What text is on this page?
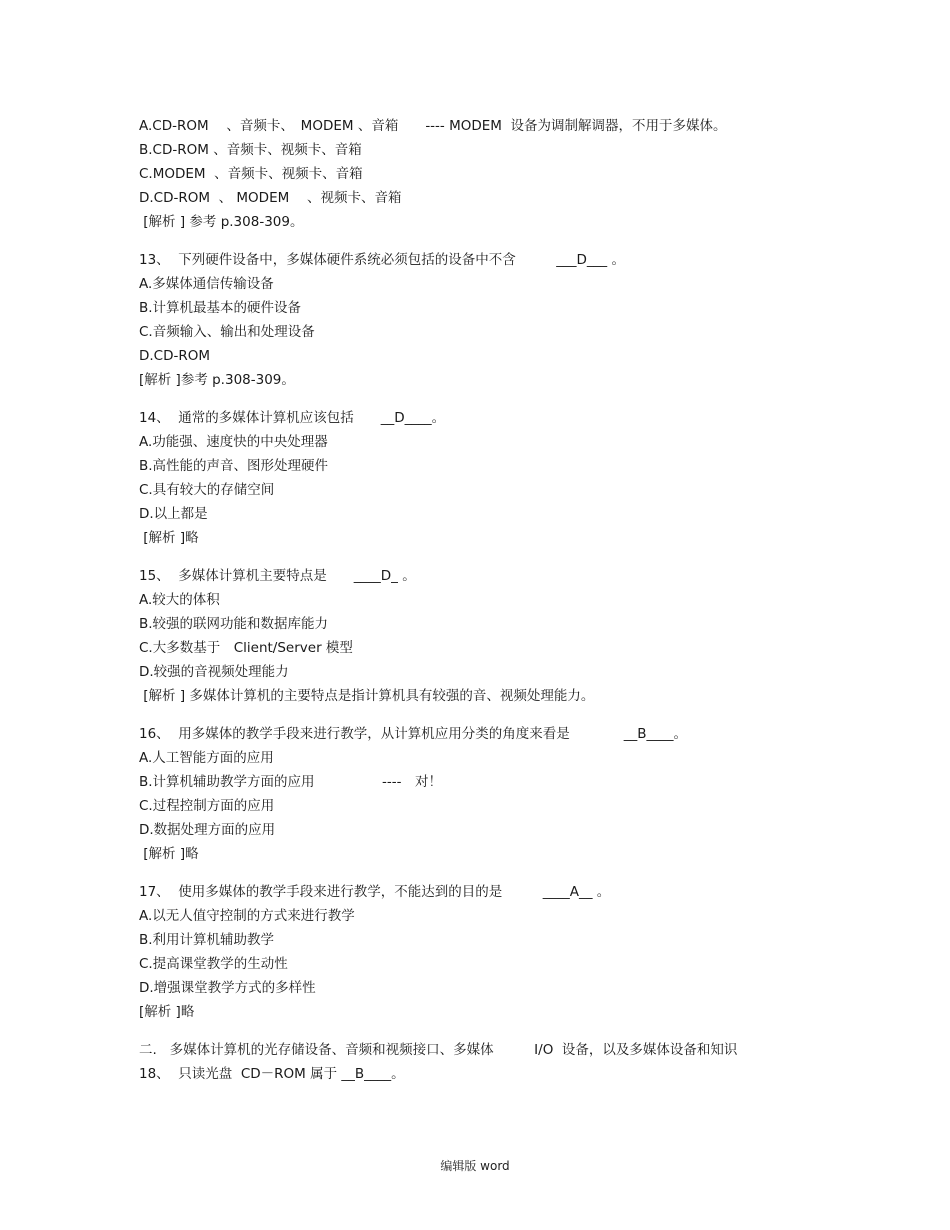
A.CD-ROM 　、音频卡、　MODEM 、音箱　　---- MODEM  设备为调制解调器，不用于多媒体。
B.CD-ROM 、音频卡、视频卡、音箱
C.MODEM  、音频卡、视频卡、音箱
D.CD-ROM  、 MODEM 　、视频卡、音箱
[解析 ] 参考 p.308-309。
13、  下列硬件设备中，多媒体硬件系统必须包括的设备中不含　　　___D___ 。
A.多媒体通信传输设备
B.计算机最基本的硬件设备
C.音频输入、输出和处理设备
D.CD-ROM
[解析 ]参考 p.308-309。
14、  通常的多媒体计算机应该包括　　__D____。
A.功能强、速度快的中央处理器
B.高性能的声音、图形处理硬件
C.具有较大的存储空间
D.以上都是
[解析 ]略
15、  多媒体计算机主要特点是　　____D_ 。
A.较大的体积
B.较强的联网功能和数据库能力
C.大多数基于　Client/Server 模型
D.较强的音视频处理能力
[解析 ] 多媒体计算机的主要特点是指计算机具有较强的音、视频处理能力。
16、  用多媒体的教学手段来进行教学，从计算机应用分类的角度来看是　　　　__B____。
A.人工智能方面的应用
B.计算机辅助教学方面的应用　　　　　----　对！
C.过程控制方面的应用
D.数据处理方面的应用
[解析 ]略
17、  使用多媒体的教学手段来进行教学，不能达到的目的是　　　____A__ 。
A.以无人值守控制的方式来进行教学
B.利用计算机辅助教学
C.提高课堂教学的生动性
D.增强课堂教学方式的多样性
[解析 ]略
二.   多媒体计算机的光存储设备、音频和视频接口、多媒体　　　I/O  设备，以及多媒体设备和知识
18、  只读光盘  CD－ROM 属于 __B____。
编辑版 word
